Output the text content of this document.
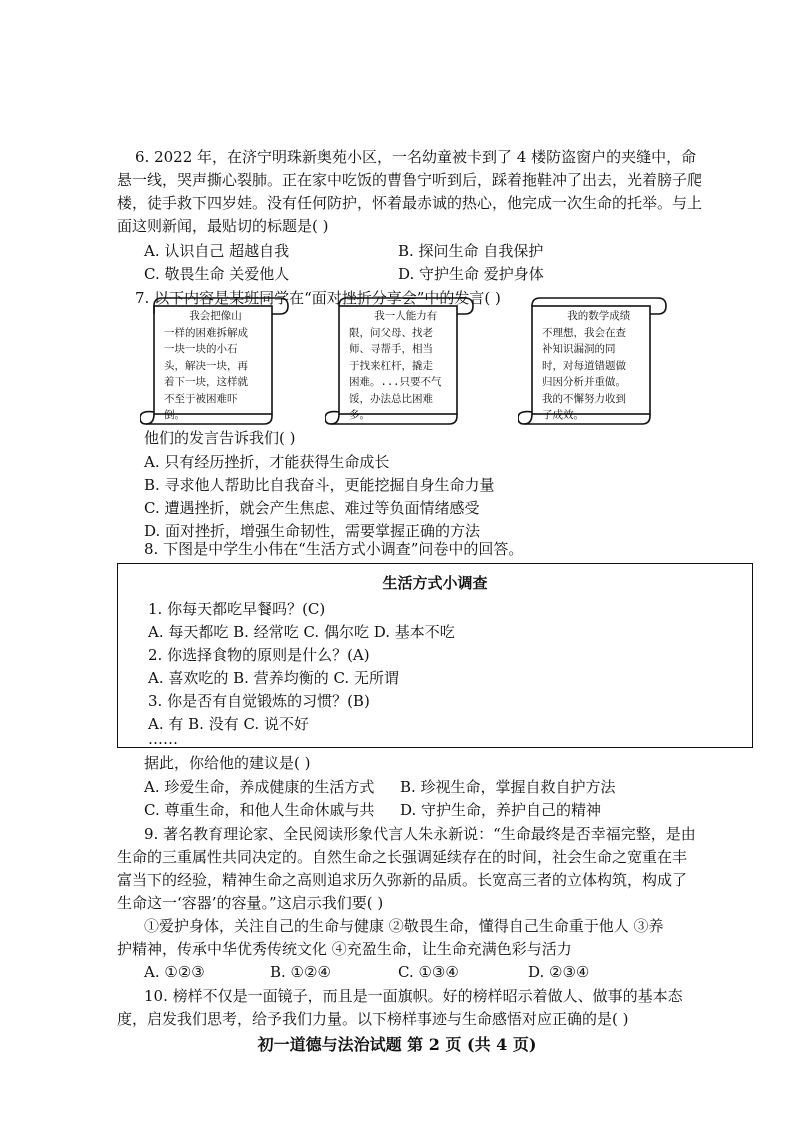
6. 2022 年，在济宁明珠新奥苑小区，一名幼童被卡到了 4 楼防盗窗户的夹缝中，命
悬一线，哭声撕心裂肺。正在家中吃饭的曹鲁宁听到后，踩着拖鞋冲了出去，光着膀子爬
楼，徒手救下四岁娃。没有任何防护，怀着最赤诚的热心，他完成一次生命的托举。与上
面这则新闻，最贴切的标题是( )
A. 认识自己 超越自我	B. 探问生命 自我保护
C. 敬畏生命 关爱他人	D. 守护生命 爱护身体
7. 以下内容是某班同学在“面对挫折分享会”中的发言( )
我会把像山
一样的困难拆解成
一块一块的小石
头，解决一块，再
着下一块，这样就
不至于被困难吓
倒。
我一人能力有
限，问父母、找老
师、寻帮手，相当
于找来杠杆，撬走
困难。...只要不气
馁，办法总比困难
多。
我的数学成绩
不理想，我会在查
补知识漏洞的同
时，对每道错题做
归因分析并重做。
我的不懈努力收到
了成效。
他们的发言告诉我们( )
A. 只有经历挫折，才能获得生命成长
B. 寻求他人帮助比自我奋斗，更能挖掘自身生命力量
C. 遭遇挫折，就会产生焦虑、难过等负面情绪感受
D. 面对挫折，增强生命韧性，需要掌握正确的方法
8. 下图是中学生小伟在“生活方式小调查”问卷中的回答。
生活方式小调查
1. 你每天都吃早餐吗？(C)
A. 每天都吃 B. 经常吃 C. 偶尔吃 D. 基本不吃
2. 你选择食物的原则是什么？(A)
A. 喜欢吃的 B. 营养均衡的 C. 无所谓
3. 你是否有自觉锻炼的习惯？(B)
A. 有 B. 没有 C. 说不好
……
据此，你给他的建议是( )
A. 珍爱生命，养成健康的生活方式 B. 珍视生命，掌握自救自护方法
C. 尊重生命，和他人生命休戚与共 D. 守护生命，养护自己的精神
9. 著名教育理论家、全民阅读形象代言人朱永新说：“生命最终是否幸福完整，是由
生命的三重属性共同决定的。自然生命之长强调延续存在的时间，社会生命之宽重在丰
富当下的经验，精神生命之高则追求历久弥新的品质。长宽高三者的立体构筑，构成了
生命这一‘容器’的容量。”这启示我们要( )
①爱护身体，关注自己的生命与健康 ②敬畏生命，懂得自己生命重于他人 ③养
护精神，传承中华优秀传统文化 ④充盈生命，让生命充满色彩与活力
A. ①②③	B. ①②④	C. ①③④	D. ②③④
10. 榜样不仅是一面镜子，而且是一面旗帜。好的榜样昭示着做人、做事的基本态
度，启发我们思考，给予我们力量。以下榜样事迹与生命感悟对应正确的是( )
初一道德与法治试题 第 2 页 (共 4 页)
